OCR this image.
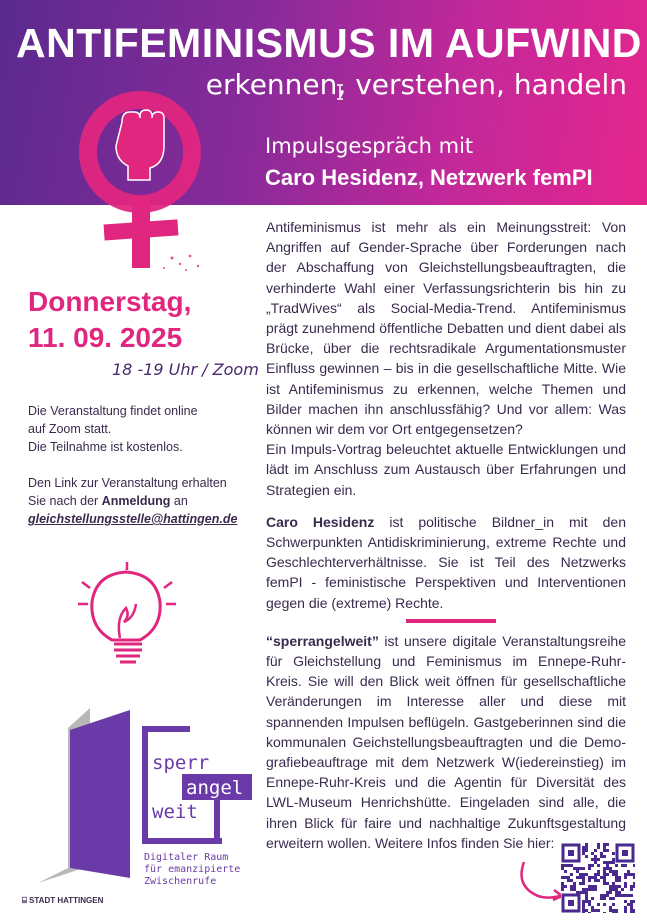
ANTIFEMINISMUS IM AUFWIND
erkennen, verstehen, handeln
Impulsgespräch mit
Caro Hesidenz, Netzwerk femPI
Donnerstag,
11. 09. 2025
18 -19 Uhr / Zoom

Die Veranstaltung findet online

auf Zoom statt.

Die Teilnahme ist kostenlos.

Den Link zur Veranstaltung erhalten

Sie nach der Anmeldung an

gleichstellungsstelle@hattingen.de

sperr
angel
weit
Digitaler Raum
für emanzipierte
Zwischenrufe
⌸ STADT HATTINGEN

Antifeminismus ist mehr als ein Meinungsstreit: Von Angriffen auf Gender-Sprache über Forderungen nach der Abschaffung von Gleichstellungsbeauftragten, die verhinderte Wahl einer Verfassungsrichterin bis hin zu „TradWives“ als Social-Media-Trend. Antifeminismus prägt zunehmend öffentliche Debatten und dient dabei als Brücke, über die rechtsradikale Argumentationsmuster Einfluss gewinnen – bis in die gesellschaftliche Mitte. Wie ist Antifeminismus zu erkennen, welche Themen und Bilder machen ihn anschlussfähig? Und vor allem: Was können wir dem vor Ort entgegensetzen?

Ein Impuls-Vortrag beleuchtet aktuelle Entwicklungen und lädt im Anschluss zum Austausch über Erfahrungen und Strategien ein.

Caro Hesidenz ist politische Bildner_in mit den Schwerpunkten Antidiskriminierung, extreme Rechte und Geschlechterverhältnisse. Sie ist Teil des Netzwerks femPI - feministische Perspektiven und Interventionen gegen die (extreme) Rechte.

“sperrangelweit” ist unsere digitale Veranstaltungsreihe für Gleichstellung und Feminismus im Ennepe-Ruhr-Kreis. Sie will den Blick weit öffnen für gesellschaftliche Veränderungen im Interesse aller und diese mit spannenden Impulsen beflügeln. Gastgeberinnen sind die kommunalen Geichstellungsbeauftragten und die Demo-grafiebeauftrage mit dem Netzwerk W(iedereinstieg) im Ennepe-Ruhr-Kreis und die Agentin für Diversität des LWL-Museum Henrichshütte. Eingeladen sind alle, die ihren Blick für faire und nachhaltige Zukunftsgestaltung erweitern wollen. Weitere Infos finden Sie hier:
